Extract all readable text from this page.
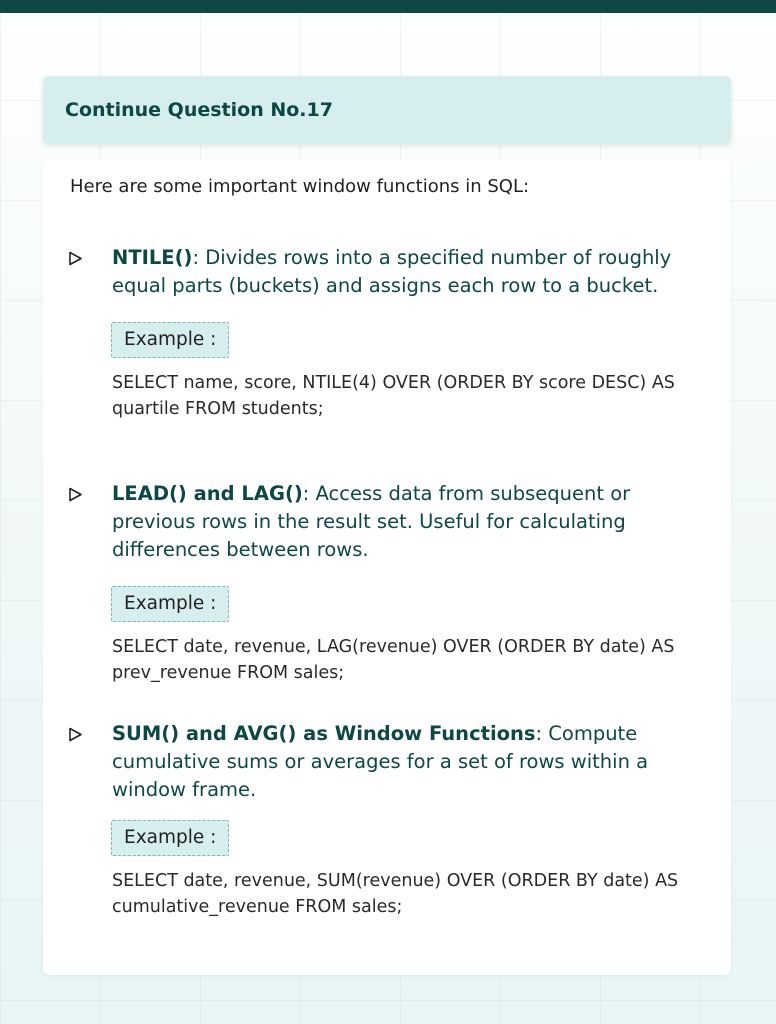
Continue Question No.17
Here are some important window functions in SQL:
NTILE(): Divides rows into a specified number of roughly equal parts (buckets) and assigns each row to a bucket.
Example :
SELECT name, score, NTILE(4) OVER (ORDER BY score DESC) AS quartile FROM students;
LEAD() and LAG(): Access data from subsequent or previous rows in the result set. Useful for calculating differences between rows.
Example :
SELECT date, revenue, LAG(revenue) OVER (ORDER BY date) AS prev_revenue FROM sales;
SUM() and AVG() as Window Functions: Compute cumulative sums or averages for a set of rows within a window frame.
Example :
SELECT date, revenue, SUM(revenue) OVER (ORDER BY date) AS cumulative_revenue FROM sales;
